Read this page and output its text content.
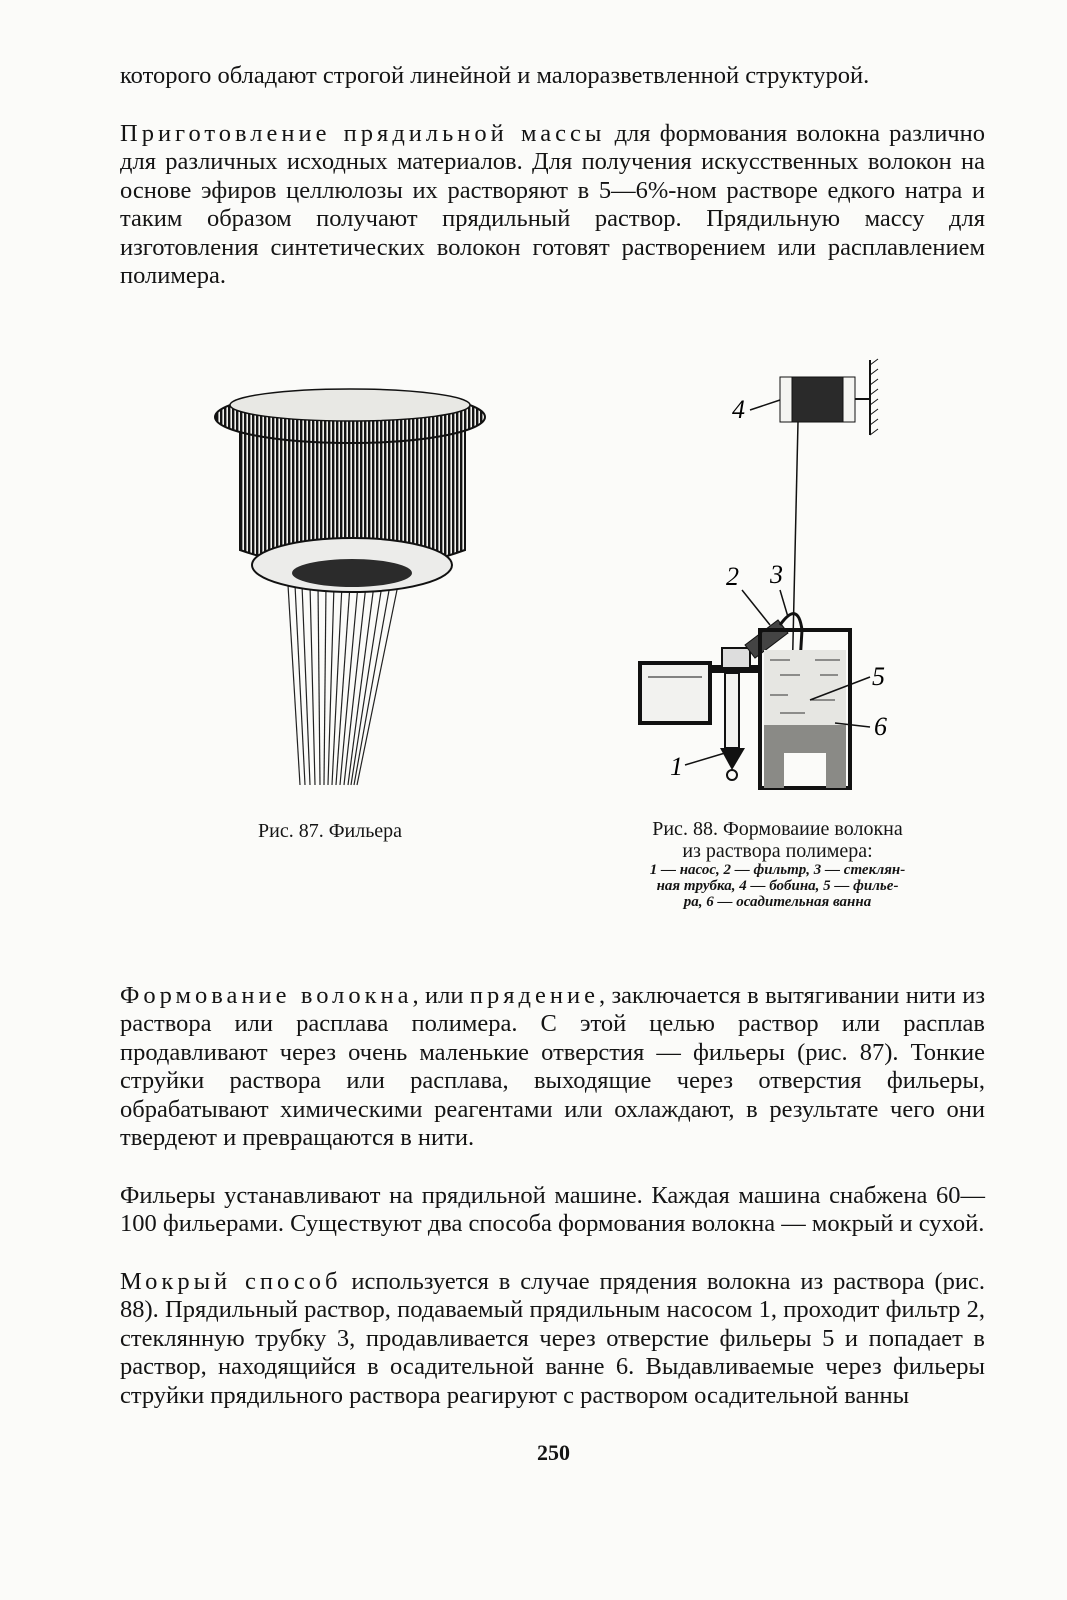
которого обладают строгой линейной и малоразветвленной структурой.

Приготовление прядильной массы для формования волокна различно для различных исходных материалов. Для получения искусственных волокон на основе эфиров целлюлозы их растворяют в 5—6%-ном растворе едкого натра и таким образом получают прядильный раствор. Прядильную массу для изготовления синтетических волокон готовят растворением или расплавлением полимера.

4
2 3
5
6
1
Рис. 87. Фильера	Рис. 88. Формоваиие волокна
из раствора полимера:
1 — насос, 2 — фильтр, 3 — стеклян-
ная трубка, 4 — бобина, 5 — филье-
ра, 6 — осадительная ванна

Формование волокна, или прядение, заключается в вытягивании нити из раствора или расплава полимера. С этой целью раствор или расплав продавливают через очень маленькие отверстия — фильеры (рис. 87). Тонкие струйки раствора или расплава, выходящие через отверстия фильеры, обрабатывают химическими реагентами или охлаждают, в результате чего они твердеют и превращаются в нити.

Фильеры устанавливают на прядильной машине. Каждая машина снабжена 60—100 фильерами. Существуют два способа формования волокна — мокрый и сухой.

Мокрый способ используется в случае прядения волокна из раствора (рис. 88). Прядильный раствор, подаваемый прядильным насосом 1, проходит фильтр 2, стеклянную трубку 3, продавливается через отверстие фильеры 5 и попадает в раствор, находящийся в осадительной ванне 6. Выдавливаемые через фильеры струйки прядильного раствора реагируют с раствором осадительной ванны

250
